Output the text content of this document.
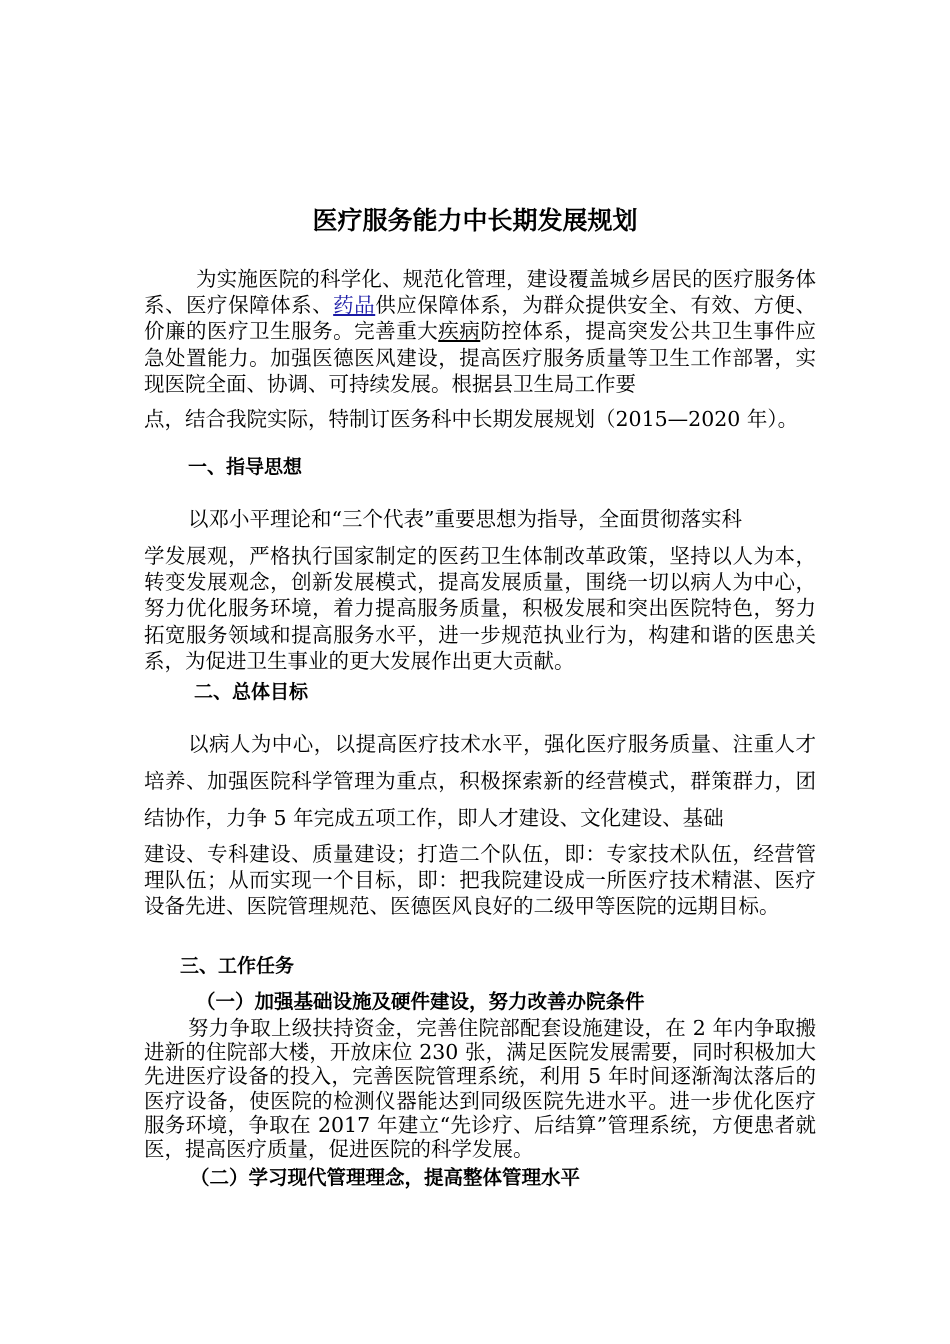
医疗服务能力中长期发展规划

为实施医院的科学化、规范化管理，建设覆盖城乡居民的医疗服务体系、医疗保障体系、药品供应保障体系，为群众提供安全、有效、方便、价廉的医疗卫生服务。完善重大疾病防控体系，提高突发公共卫生事件应急处置能力。加强医德医风建设，提高医疗服务质量等卫生工作部署，实现医院全面、协调、可持续发展。根据县卫生局工作要

点，结合我院实际，特制订医务科中长期发展规划（2015—2020 年）。

一、指导思想

以邓小平理论和“三个代表”重要思想为指导，全面贯彻落实科

学发展观，严格执行国家制定的医药卫生体制改革政策，坚持以人为本，转变发展观念，创新发展模式，提高发展质量，围绕一切以病人为中心，努力优化服务环境，着力提高服务质量，积极发展和突出医院特色，努力拓宽服务领域和提高服务水平，进一步规范执业行为，构建和谐的医患关系，为促进卫生事业的更大发展作出更大贡献。

二、总体目标

以病人为中心，以提高医疗技术水平，强化医疗服务质量、注重人才培养、加强医院科学管理为重点，积极探索新的经营模式，群策群力，团结协作，力争 5 年完成五项工作，即人才建设、文化建设、基础

建设、专科建设、质量建设；打造二个队伍，即：专家技术队伍，经营管理队伍；从而实现一个目标，即：把我院建设成一所医疗技术精湛、医疗设备先进、医院管理规范、医德医风良好的二级甲等医院的远期目标。

三、工作任务
（一）加强基础设施及硬件建设，努力改善办院条件

努力争取上级扶持资金，完善住院部配套设施建设，在 2 年内争取搬进新的住院部大楼，开放床位 230 张，满足医院发展需要，同时积极加大先进医疗设备的投入，完善医院管理系统，利用 5 年时间逐渐淘汰落后的医疗设备，使医院的检测仪器能达到同级医院先进水平。进一步优化医疗服务环境，争取在 2017 年建立“先诊疗、后结算”管理系统，方便患者就医，提高医疗质量，促进医院的科学发展。

（二）学习现代管理理念，提高整体管理水平
